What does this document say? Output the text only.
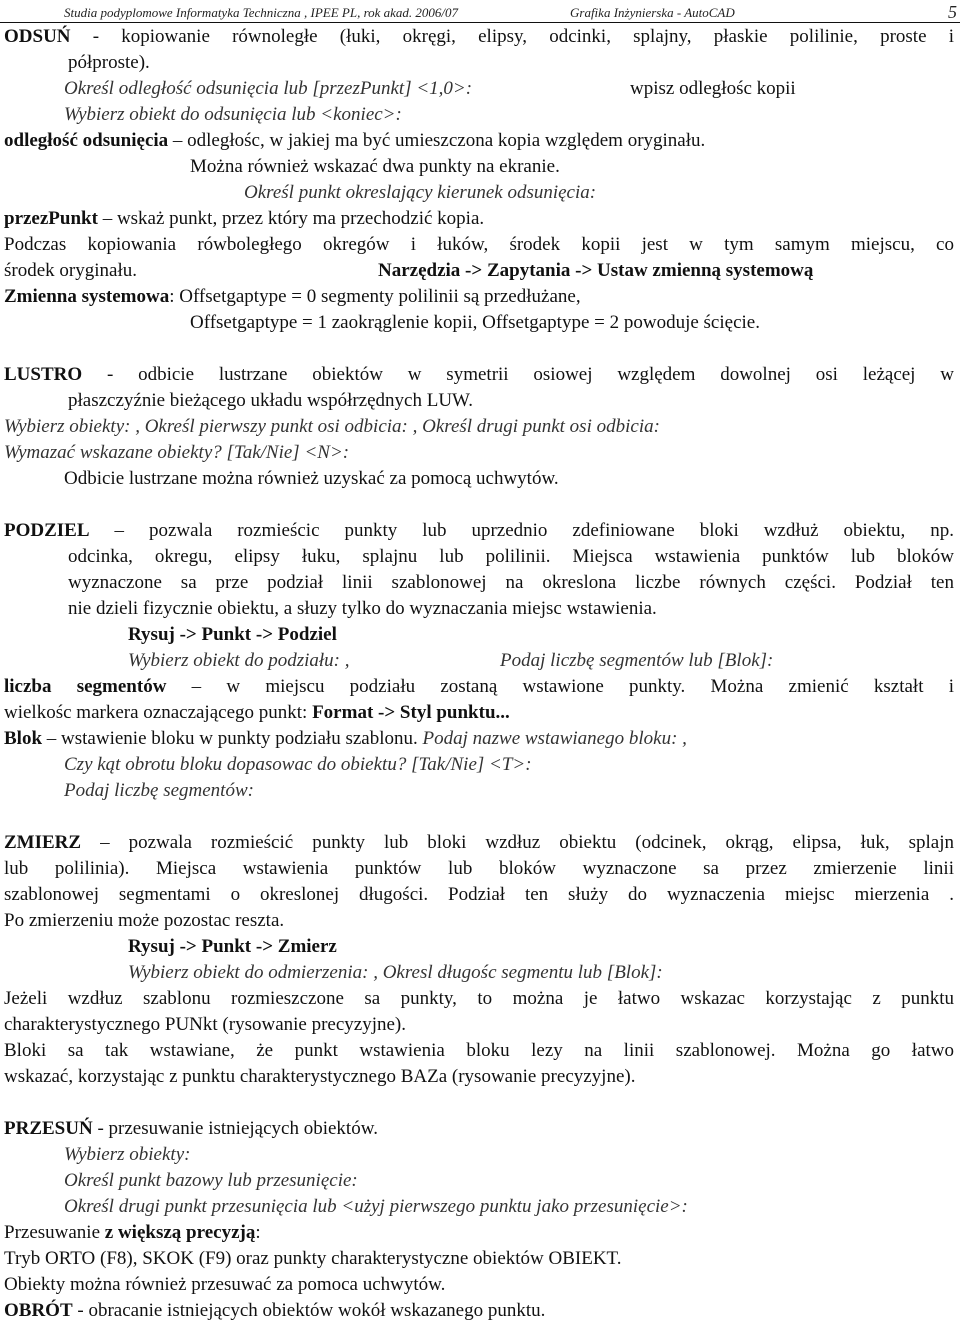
Studia podyplomowe Informatyka Techniczna , IPEE PL, rok akad. 2006/07	Grafika Inżynierska - AutoCAD	5
ODSUŃ - kopiowanie równoległe (łuki, okręgi, elipsy, odcinki, splajny, płaskie polilinie, proste i
półproste).
Określ odległość odsunięcia lub [przezPunkt] <1,0>:	wpisz odległośc kopii
Wybierz obiekt do odsunięcia lub <koniec>:
odległość odsunięcia – odległośc, w jakiej ma być umieszczona kopia względem oryginału.
Można również wskazać dwa punkty na ekranie.
Określ punkt okreslający kierunek odsunięcia:
przezPunkt – wskaż punkt, przez który ma przechodzić kopia.
Podczas kopiowania rówboległego okregów i łuków, środek kopii jest w tym samym miejscu, co
środek oryginału.	Narzędzia -> Zapytania -> Ustaw zmienną systemową
Zmienna systemowa: Offsetgaptype = 0 segmenty polilinii są przedłużane,
Offsetgaptype = 1 zaokrąglenie kopii, Offsetgaptype = 2 powoduje ścięcie.
LUSTRO - odbicie lustrzane obiektów w symetrii osiowej względem dowolnej osi leżącej w
płaszczyźnie bieżącego układu współrzędnych LUW.
Wybierz obiekty: , Określ pierwszy punkt osi odbicia: , Określ drugi punkt osi odbicia:
Wymazać wskazane obiekty? [Tak/Nie] <N>:
Odbicie lustrzane można również uzyskać za pomocą uchwytów.
PODZIEL – pozwala rozmieścic punkty lub uprzednio zdefiniowane bloki wzdłuż obiektu, np.
odcinka, okregu, elipsy łuku, splajnu lub polilinii. Miejsca wstawienia punktów lub bloków
wyznaczone sa prze podział linii szablonowej na okreslona liczbe równych części. Podział ten
nie dzieli fizycznie obiektu, a słuzy tylko do wyznaczania miejsc wstawienia.
Rysuj -> Punkt -> Podziel
Wybierz obiekt do podziału: ,	Podaj liczbę segmentów lub [Blok]:
liczba segmentów – w miejscu podziału zostaną wstawione punkty. Można zmienić kształt i
wielkośc markera oznaczającego punkt: Format -> Styl punktu...
Blok – wstawienie bloku w punkty podziału szablonu. Podaj nazwe wstawianego bloku: ,
Czy kąt obrotu bloku dopasowac do obiektu? [Tak/Nie] <T>:
Podaj liczbę segmentów:
ZMIERZ – pozwala rozmieścić punkty lub bloki wzdłuz obiektu (odcinek, okrąg, elipsa, łuk, splajn
lub polilinia). Miejsca wstawienia punktów lub bloków wyznaczone sa przez zmierzenie linii
szablonowej segmentami o okreslonej długości. Podział ten służy do wyznaczenia miejsc mierzenia .
Po zmierzeniu może pozostac reszta.
Rysuj -> Punkt -> Zmierz
Wybierz obiekt do odmierzenia: , Okresl długośc segmentu lub [Blok]:
Jeżeli wzdłuz szablonu rozmieszczone sa punkty, to można je łatwo wskazac korzystając z punktu
charakterystycznego PUNkt (rysowanie precyzyjne).
Bloki sa tak wstawiane, że punkt wstawienia bloku lezy na linii szablonowej. Można go łatwo
wskazać, korzystając z punktu charakterystycznego BAZa (rysowanie precyzyjne).
PRZESUŃ - przesuwanie istniejących obiektów.
Wybierz obiekty:
Określ punkt bazowy lub przesunięcie:
Określ drugi punkt przesunięcia lub <użyj pierwszego punktu jako przesunięcie>:
Przesuwanie z większą precyzją:
Tryb ORTO (F8), SKOK (F9) oraz punkty charakterystyczne obiektów OBIEKT.
Obiekty można również przesuwać za pomoca uchwytów.
OBRÓT - obracanie istniejących obiektów wokół wskazanego punktu.
